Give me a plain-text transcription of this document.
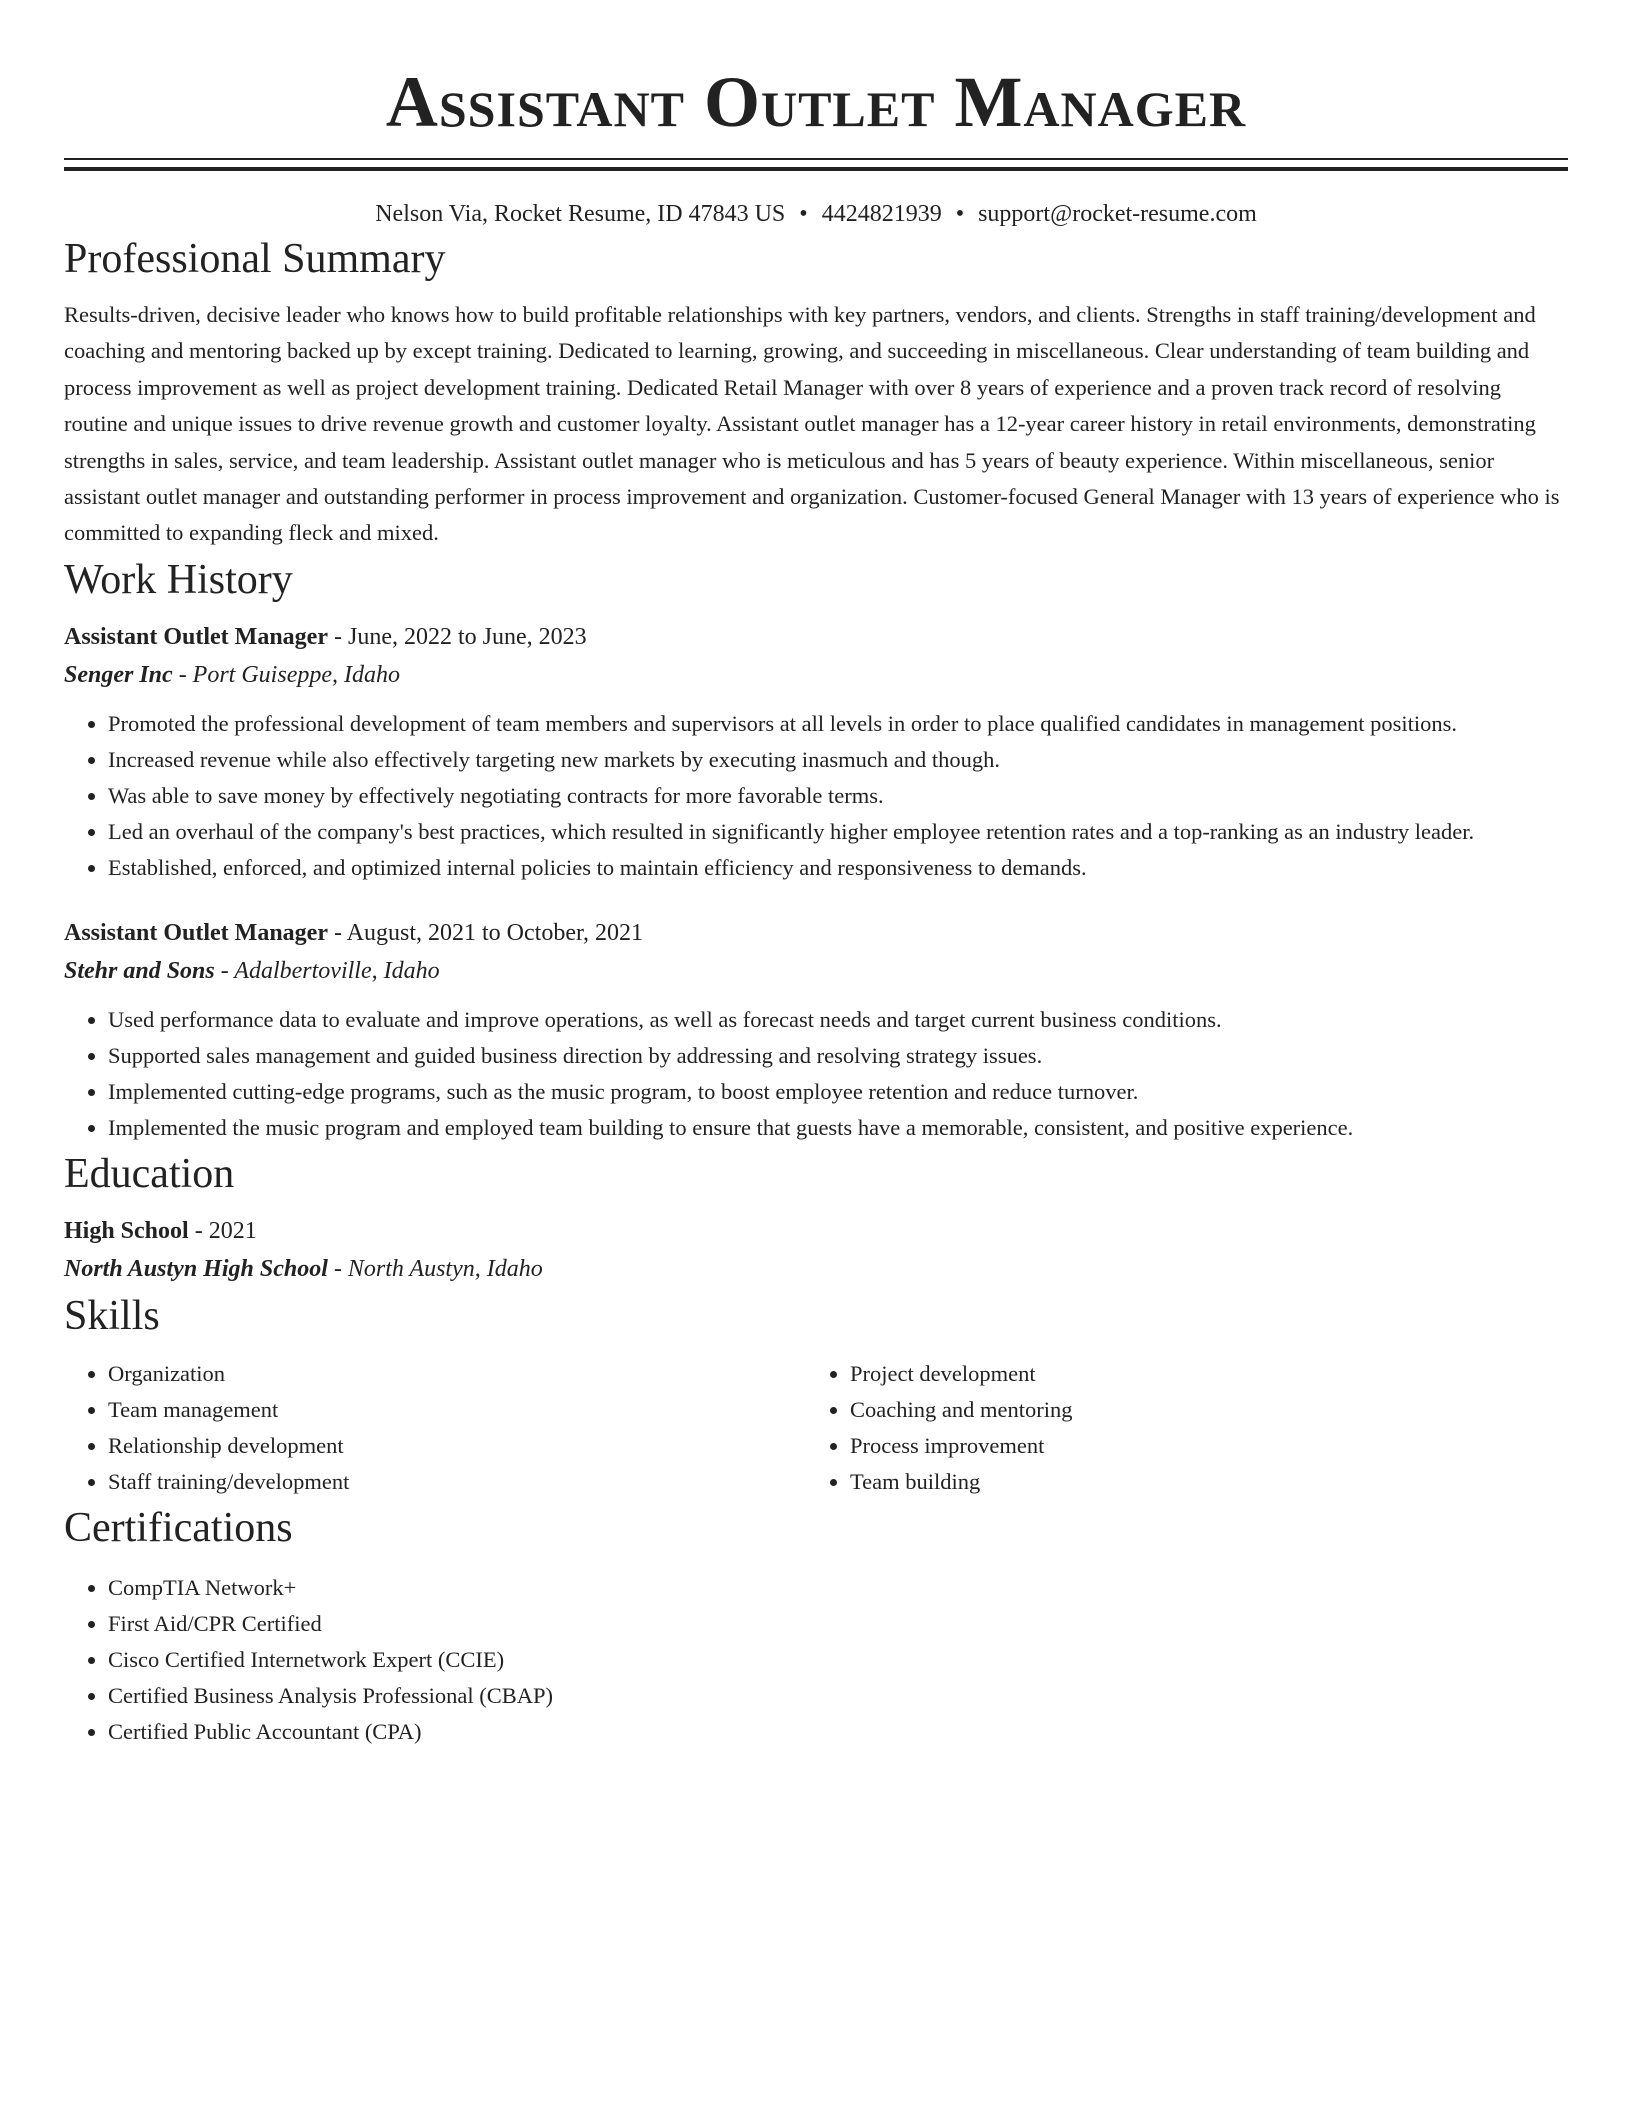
Assistant Outlet Manager
Nelson Via, Rocket Resume, ID 47843 US • 4424821939 • support@rocket-resume.com
Professional Summary

Results-driven, decisive leader who knows how to build profitable relationships with key partners, vendors, and clients. Strengths in staff training/development and coaching and mentoring backed up by except training. Dedicated to learning, growing, and succeeding in miscellaneous. Clear understanding of team building and process improvement as well as project development training. Dedicated Retail Manager with over 8 years of experience and a proven track record of resolving routine and unique issues to drive revenue growth and customer loyalty. Assistant outlet manager has a 12-year career history in retail environments, demonstrating strengths in sales, service, and team leadership. Assistant outlet manager who is meticulous and has 5 years of beauty experience. Within miscellaneous, senior assistant outlet manager and outstanding performer in process improvement and organization. Customer-focused General Manager with 13 years of experience who is committed to expanding fleck and mixed.

Work History
Assistant Outlet Manager - June, 2022 to June, 2023
Senger Inc - Port Guiseppe, Idaho
• Promoted the professional development of team members and supervisors at all levels in order to place qualified candidates in management positions.
• Increased revenue while also effectively targeting new markets by executing inasmuch and though.
• Was able to save money by effectively negotiating contracts for more favorable terms.
• Led an overhaul of the company's best practices, which resulted in significantly higher employee retention rates and a top-ranking as an industry leader.
• Established, enforced, and optimized internal policies to maintain efficiency and responsiveness to demands.
Assistant Outlet Manager - August, 2021 to October, 2021
Stehr and Sons - Adalbertoville, Idaho
• Used performance data to evaluate and improve operations, as well as forecast needs and target current business conditions.
• Supported sales management and guided business direction by addressing and resolving strategy issues.
• Implemented cutting-edge programs, such as the music program, to boost employee retention and reduce turnover.
• Implemented the music program and employed team building to ensure that guests have a memorable, consistent, and positive experience.
Education
High School - 2021
North Austyn High School - North Austyn, Idaho
Skills
• Organization
• Team management
• Relationship development
• Staff training/development
• Project development
• Coaching and mentoring
• Process improvement
• Team building
Certifications
• CompTIA Network+
• First Aid/CPR Certified
• Cisco Certified Internetwork Expert (CCIE)
• Certified Business Analysis Professional (CBAP)
• Certified Public Accountant (CPA)
